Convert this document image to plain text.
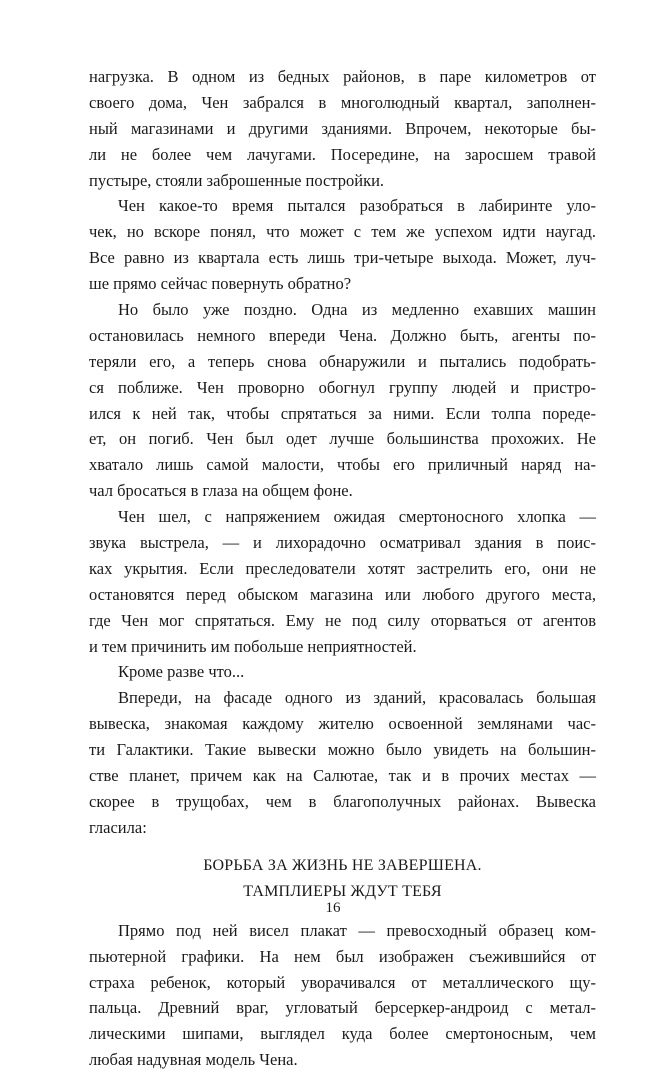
нагрузка. В одном из бедных районов, в паре километров от
своего дома, Чен забрался в многолюдный квартал, заполнен-
ный магазинами и другими зданиями. Впрочем, некоторые бы-
ли не более чем лачугами. Посередине, на заросшем травой
пустыре, стояли заброшенные постройки.
Чен какое-то время пытался разобраться в лабиринте уло-
чек, но вскоре понял, что может с тем же успехом идти наугад.
Все равно из квартала есть лишь три-четыре выхода. Может, луч-
ше прямо сейчас повернуть обратно?
Но было уже поздно. Одна из медленно ехавших машин
остановилась немного впереди Чена. Должно быть, агенты по-
теряли его, а теперь снова обнаружили и пытались подобрать-
ся поближе. Чен проворно обогнул группу людей и пристро-
ился к ней так, чтобы спрятаться за ними. Если толпа поредe-
ет, он погиб. Чен был одет лучше большинства прохожих. Не
хватало лишь самой малости, чтобы его приличный наряд на-
чал бросаться в глаза на общем фоне.
Чен шел, с напряжением ожидая смертоносного хлопка —
звука выстрела, — и лихорадочно осматривал здания в поис-
ках укрытия. Если преследователи хотят застрелить его, они не
остановятся перед обыском магазина или любого другого места,
где Чен мог спрятаться. Ему не под силу оторваться от агентов
и тем причинить им побольше неприятностей.
Кроме разве что...
Впереди, на фасаде одного из зданий, красовалась большая
вывеска, знакомая каждому жителю освоенной землянами час-
ти Галактики. Такие вывески можно было увидеть на большин-
стве планет, причем как на Салютае, так и в прочих местах —
скорее в трущобах, чем в благополучных районах. Вывеска
гласила:
БОРЬБА ЗА ЖИЗНЬ НЕ ЗАВЕРШЕНА.
ТАМПЛИЕРЫ ЖДУТ ТЕБЯ
Прямо под ней висел плакат — превосходный образец ком-
пьютерной графики. На нем был изображен съежившийся от
страха ребенок, который уворачивался от металлического щу-
пальца. Древний враг, угловатый берсеркер-андроид с метал-
лическими шипами, выглядел куда более смертоносным, чем
любая надувная модель Чена.
16
